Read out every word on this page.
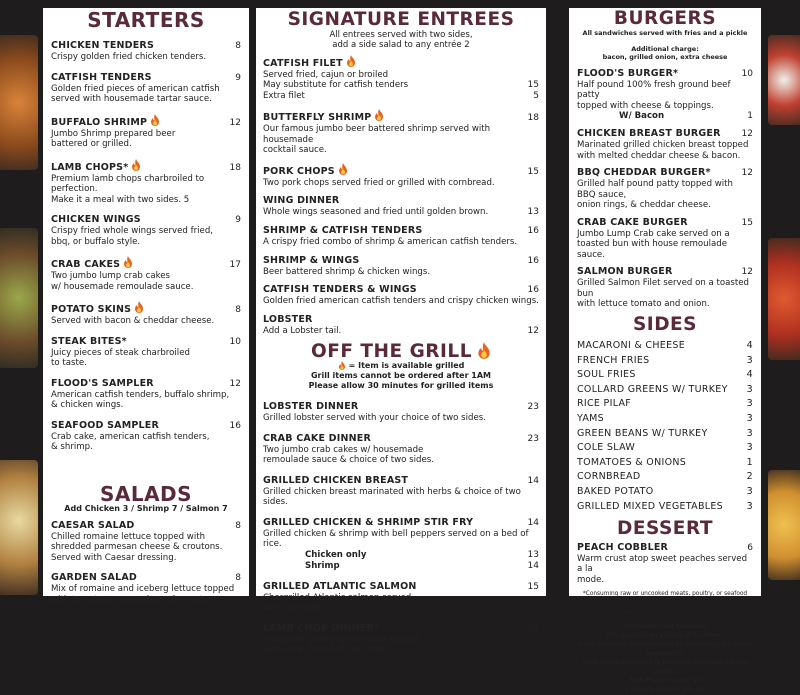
STARTERS
CHICKEN TENDERS	8
Crispy golden fried chicken tenders.
CATFISH TENDERS	9
Golden fried pieces of american catfish
served with housemade tartar sauce.
BUFFALO SHRIMP	12
Jumbo Shrimp prepared beer
battered or grilled.
LAMB CHOPS*	18
Premium lamb chops charbroiled to perfection.
Make it a meal with two sides. 5
CHICKEN WINGS	9
Crispy fried whole wings served fried,
bbq, or buffalo style.
CRAB CAKES	17
Two jumbo lump crab cakes
w/ housemade remoulade sauce.
POTATO SKINS	8
Served with bacon & cheddar cheese.
STEAK BITES*	10
Juicy pieces of steak charbroiled
to taste.
FLOOD'S SAMPLER	12
American catfish tenders, buffalo shrimp,
& chicken wings.
SEAFOOD SAMPLER	16
Crab cake, american catfish tenders,
& shrimp.
SALADS
Add Chicken 3 / Shrimp 7 / Salmon 7
CAESAR SALAD	8
Chilled romaine lettuce topped with
shredded parmesan cheese & croutons.
Served with Caesar dressing.
GARDEN SALAD	8
Mix of romaine and iceberg lettuce topped
with tomatoes, cucumbers, & croutons.
SIGNATURE ENTREES
All entrees served with two sides,
add a side salad to any entrée 2
CATFISH FILET
Served fried, cajun or broiled
May substitute for catfish tenders	15
Extra filet	5
BUTTERFLY SHRIMP	18
Our famous jumbo beer battered shrimp served with housemade
cocktail sauce.
PORK CHOPS	15
Two pork chops served fried or grilled with cornbread.
WING DINNER
Whole wings seasoned and fried until golden brown.	13
SHRIMP & CATFISH TENDERS	16
A crispy fried combo of shrimp & american catfish tenders.
SHRIMP & WINGS	16
Beer battered shrimp & chicken wings.
CATFISH TENDERS & WINGS	16
Golden fried american catfish tenders and crispy chicken wings.
LOBSTER
Add a Lobster tail.	12
OFF THE GRILL
= Item is available grilled
Grill items cannot be ordered after 1AM
Please allow 30 minutes for grilled items
LOBSTER DINNER	23
Grilled lobster served with your choice of two sides.
CRAB CAKE DINNER	23
Two jumbo crab cakes w/ housemade
remoulade sauce & choice of two sides.
GRILLED CHICKEN BREAST	14
Grilled chicken breast marinated with herbs & choice of two sides.
GRILLED CHICKEN & SHRIMP STIR FRY	14
Grilled chicken & shrimp with bell peppers served on a bed of rice.
Chicken only	13
Shrimp	14
GRILLED ATLANTIC SALMON	15
Chargrilled Atlantic salmon served
with two sides.
LAMB CHOP DINNER*	23
Seasoned grilled lamb chops served
with your choice of two sides.
BURGERS
All sandwiches served with fries and a pickle
Additional charge:
bacon, grilled onion, extra cheese
FLOOD'S BURGER*	10
Half pound 100% fresh ground beef patty
topped with cheese & toppings.
W/ Bacon	1
CHICKEN BREAST BURGER 12
Marinated grilled chicken breast topped
with melted cheddar cheese & bacon.
BBQ CHEDDAR BURGER*	12
Grilled half pound patty topped with BBQ sauce,
onion rings, & cheddar cheese.
CRAB CAKE BURGER	15
Jumbo Lump Crab cake served on a
toasted bun with house remoulade sauce.
SALMON BURGER	12
Grilled Salmon Filet served on a toasted bun
with lettuce tomato and onion.
SIDES
MACARONI & CHEESE	4
FRENCH FRIES	3
SOUL FRIES	4
COLLARD GREENS W/ TURKEY 3
RICE PILAF	3
YAMS	3
GREEN BEANS W/ TURKEY	3
COLE SLAW	3
TOMATOES & ONIONS	1
CORNBREAD	2
BAKED POTATO	3
GRILLED MIXED VEGETABLES 3
DESSERT
PEACH COBBLER	6
Warm crust atop sweet peaches served a la
mode.
*Consuming raw or uncooked meats, poultry, or seafood may
increase your risk of foodborne illness
$10 credit card minimum
18% gratuity on parties of 4 or more
$200 minimum spend in food and beverage for party reservation
$300 minimum spend in food and beverage for the booths
Split Plate Charge: $5
2 drink minimum per set
